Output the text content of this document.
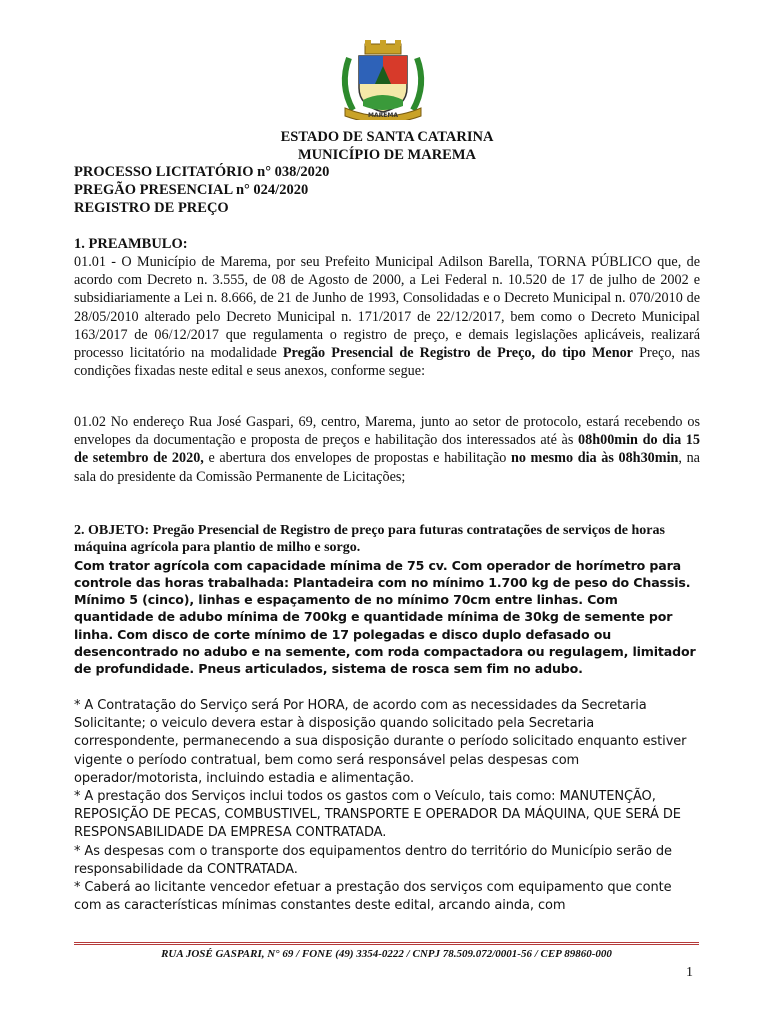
MAREMA
ESTADO DE SANTA CATARINA
MUNICÍPIO DE MAREMA
PROCESSO LICITATÓRIO n° 038/2020
PREGÃO PRESENCIAL n° 024/2020
REGISTRO DE PREÇO
1. PREAMBULO:

01.01 - O Município de Marema, por seu Prefeito Municipal Adilson Barella, TORNA PÚBLICO que, de acordo com Decreto n. 3.555, de 08 de Agosto de 2000, a Lei Federal n. 10.520 de 17 de julho de 2002 e subsidiariamente a Lei n. 8.666, de 21 de Junho de 1993, Consolidadas e o Decreto Municipal n. 070/2010 de 28/05/2010 alterado pelo Decreto Municipal n. 171/2017 de 22/12/2017, bem como o Decreto Municipal 163/2017 de 06/12/2017 que regulamenta o registro de preço, e demais legislações aplicáveis, realizará processo licitatório na modalidade Pregão Presencial de Registro de Preço, do tipo Menor Preço, nas condições fixadas neste edital e seus anexos, conforme segue:

01.02 No endereço Rua José Gaspari, 69, centro, Marema, junto ao setor de protocolo, estará recebendo os envelopes da documentação e proposta de preços e habilitação dos interessados até às 08h00min do dia 15 de setembro de 2020, e abertura dos envelopes de propostas e habilitação no mesmo dia às 08h30min, na sala do presidente da Comissão Permanente de Licitações;

2. OBJETO: Pregão Presencial de Registro de preço para futuras contratações de serviços de horas máquina agrícola para plantio de milho e sorgo.
Com trator agrícola com capacidade mínima de 75 cv. Com operador de horímetro para controle das horas trabalhada: Plantadeira com no mínimo 1.700 kg de peso do Chassis. Mínimo 5 (cinco), linhas e espaçamento de no mínimo 70cm entre linhas. Com quantidade de adubo mínima de 700kg e quantidade mínima de 30kg de semente por linha. Com disco de corte mínimo de 17 polegadas e disco duplo defasado ou desencontrado no adubo e na semente, com roda compactadora ou regulagem, limitador de profundidade. Pneus articulados, sistema de rosca sem fim no adubo.
* A Contratação do Serviço será Por HORA, de acordo com as necessidades da Secretaria Solicitante; o veiculo devera estar à disposição quando solicitado pela Secretaria correspondente, permanecendo a sua disposição durante o período solicitado enquanto estiver vigente o período contratual, bem como será responsável pelas despesas com operador/motorista, incluindo estadia e alimentação.
* A prestação dos Serviços inclui todos os gastos com o Veículo, tais como: MANUTENÇÃO, REPOSIÇÃO DE PECAS, COMBUSTIVEL, TRANSPORTE E OPERADOR DA MÁQUINA, QUE SERÁ DE RESPONSABILIDADE DA EMPRESA CONTRATADA.
* As despesas com o transporte dos equipamentos dentro do território do Município serão de responsabilidade da CONTRATADA.
* Caberá ao licitante vencedor efetuar a prestação dos serviços com equipamento que conte com as características mínimas constantes deste edital, arcando ainda, com
RUA JOSÉ GASPARI, N° 69 / FONE (49) 3354-0222 / CNPJ 78.509.072/0001-56 / CEP 89860-000
1
